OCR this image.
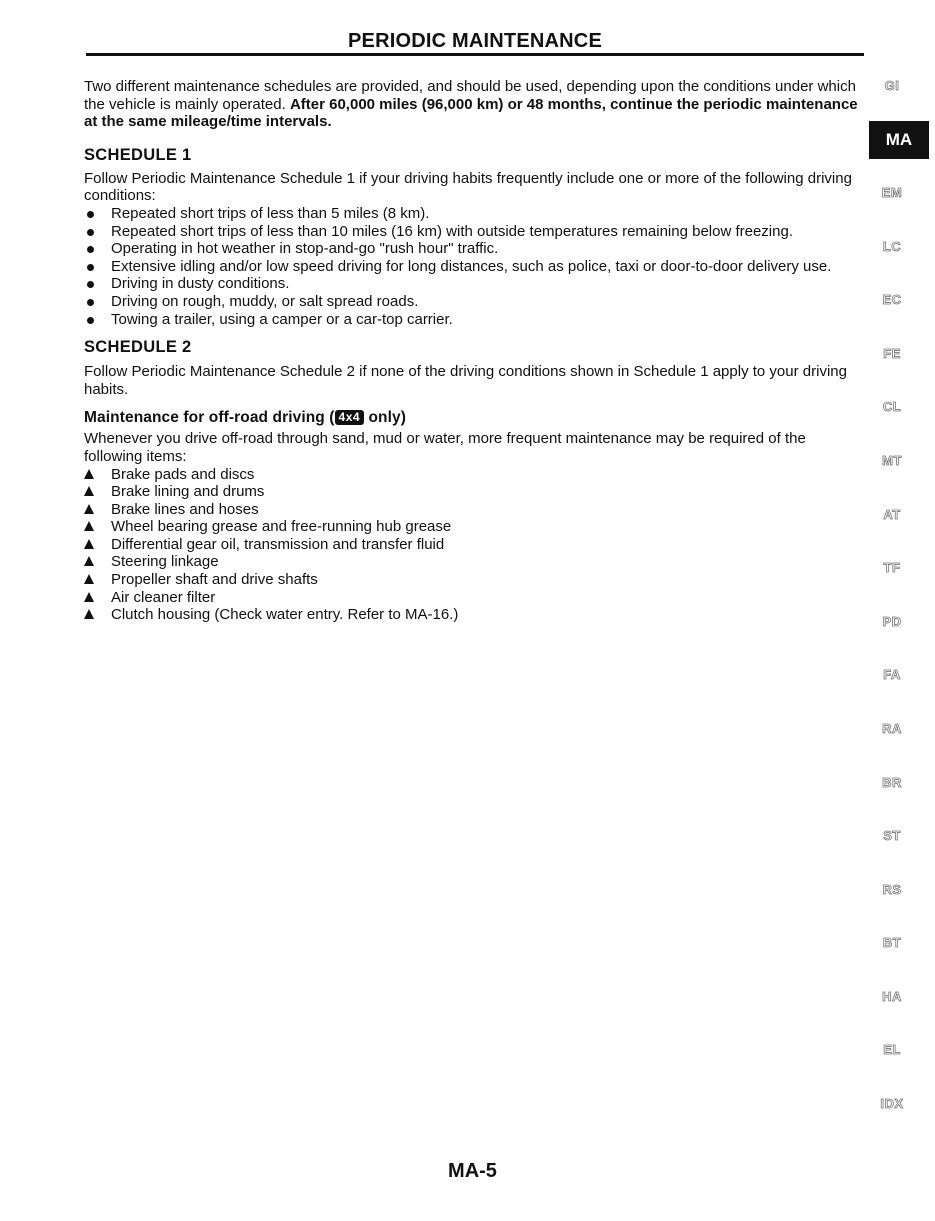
PERIODIC MAINTENANCE

Two different maintenance schedules are provided, and should be used, depending upon the conditions under which the vehicle is mainly operated. After 60,000 miles (96,000 km) or 48 months, continue the periodic maintenance at the same mileage/time intervals.

SCHEDULE 1

Follow Periodic Maintenance Schedule 1 if your driving habits frequently include one or more of the following driving conditions:

Repeated short trips of less than 5 miles (8 km).
Repeated short trips of less than 10 miles (16 km) with outside temperatures remaining below freezing.
Operating in hot weather in stop-and-go "rush hour" traffic.
Extensive idling and/or low speed driving for long distances, such as police, taxi or door-to-door delivery use.
Driving in dusty conditions.
Driving on rough, muddy, or salt spread roads.
Towing a trailer, using a camper or a car-top carrier.

SCHEDULE 2

Follow Periodic Maintenance Schedule 2 if none of the driving conditions shown in Schedule 1 apply to your driving habits.

Maintenance for off-road driving ( 4x4 only)

Whenever you drive off-road through sand, mud or water, more frequent maintenance may be required of the following items:

Brake pads and discs
Brake lining and drums
Brake lines and hoses
Wheel bearing grease and free-running hub grease
Differential gear oil, transmission and transfer fluid
Steering linkage
Propeller shaft and drive shafts
Air cleaner filter
Clutch housing (Check water entry. Refer to MA-16.)
MA
GI
EM
LC
EC
FE
CL
MT
AT
TF
PD
FA
RA
BR
ST
RS
BT
HA
EL
IDX
MA-5
